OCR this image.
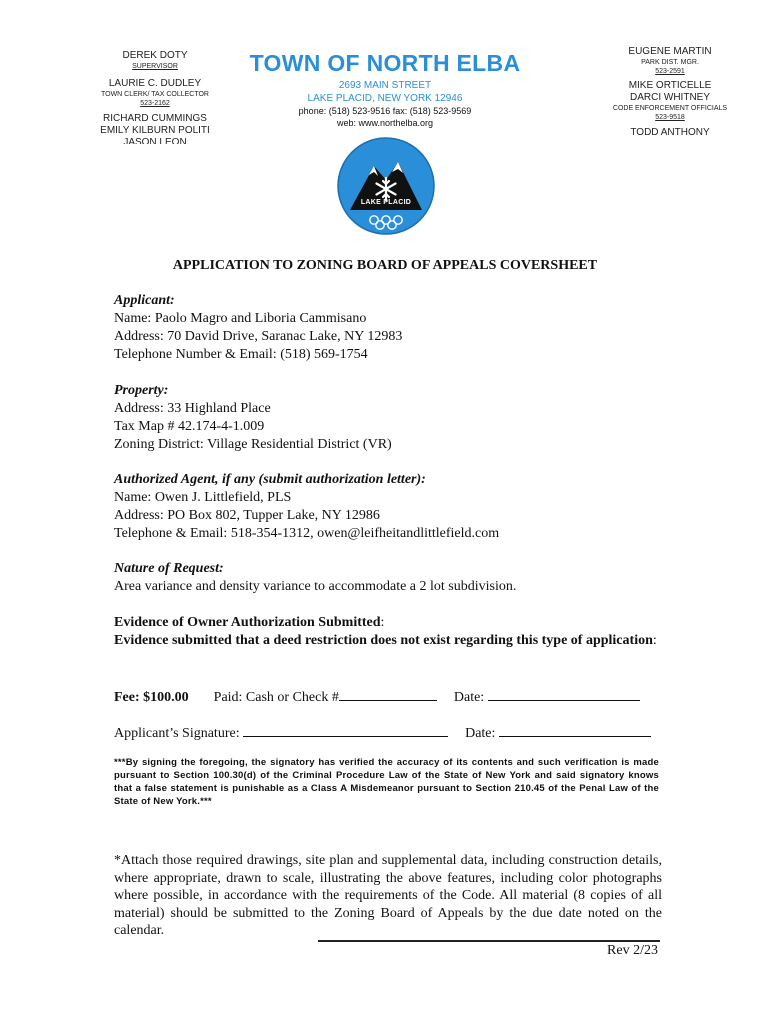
DEREK DOTY
SUPERVISOR
LAURIE C. DUDLEY
TOWN CLERK/ TAX COLLECTOR
523-2162
RICHARD CUMMINGS
EMILY KILBURN POLITI
JASON LEON
TOWN OF NORTH ELBA
2693 MAIN STREET
LAKE PLACID, NEW YORK 12946
phone: (518) 523-9516 fax: (518) 523-9569
web: www.northelba.org
EUGENE MARTIN
PARK DIST. MGR.
523-2591
MIKE ORTICELLE
DARCI WHITNEY
CODE ENFORCEMENT OFFICIALS
523-9518
TODD ANTHONY
LAKE PLACID
APPLICATION TO ZONING BOARD OF APPEALS COVERSHEET
Applicant:
Name: Paolo Magro and Liboria Cammisano
Address: 70 David Drive, Saranac Lake, NY 12983
Telephone Number & Email: (518) 569-1754
Property:
Address: 33 Highland Place
Tax Map # 42.174-4-1.009
Zoning District: Village Residential District (VR)
Authorized Agent, if any (submit authorization letter):
Name: Owen J. Littlefield, PLS
Address: PO Box 802, Tupper Lake, NY 12986
Telephone & Email: 518-354-1312, owen@leifheitandlittlefield.com
Nature of Request:
Area variance and density variance to accommodate a 2 lot subdivision.
Evidence of Owner Authorization Submitted:
Evidence submitted that a deed restriction does not exist regarding this type of application:
Fee: $100.00 Paid: Cash or Check #	Date:
Applicant’s Signature:	Date:
***By signing the foregoing, the signatory has verified the accuracy of its contents and such verification is made pursuant to Section 100.30(d) of the Criminal Procedure Law of the State of New York and said signatory knows that a false statement is punishable as a Class A Misdemeanor pursuant to Section 210.45 of the Penal Law of the State of New York.***
*Attach those required drawings, site plan and supplemental data, including construction details, where appropriate, drawn to scale, illustrating the above features, including color photographs where possible, in accordance with the requirements of the Code. All material (8 copies of all material) should be submitted to the Zoning Board of Appeals by the due date noted on the calendar.
Rev 2/23
